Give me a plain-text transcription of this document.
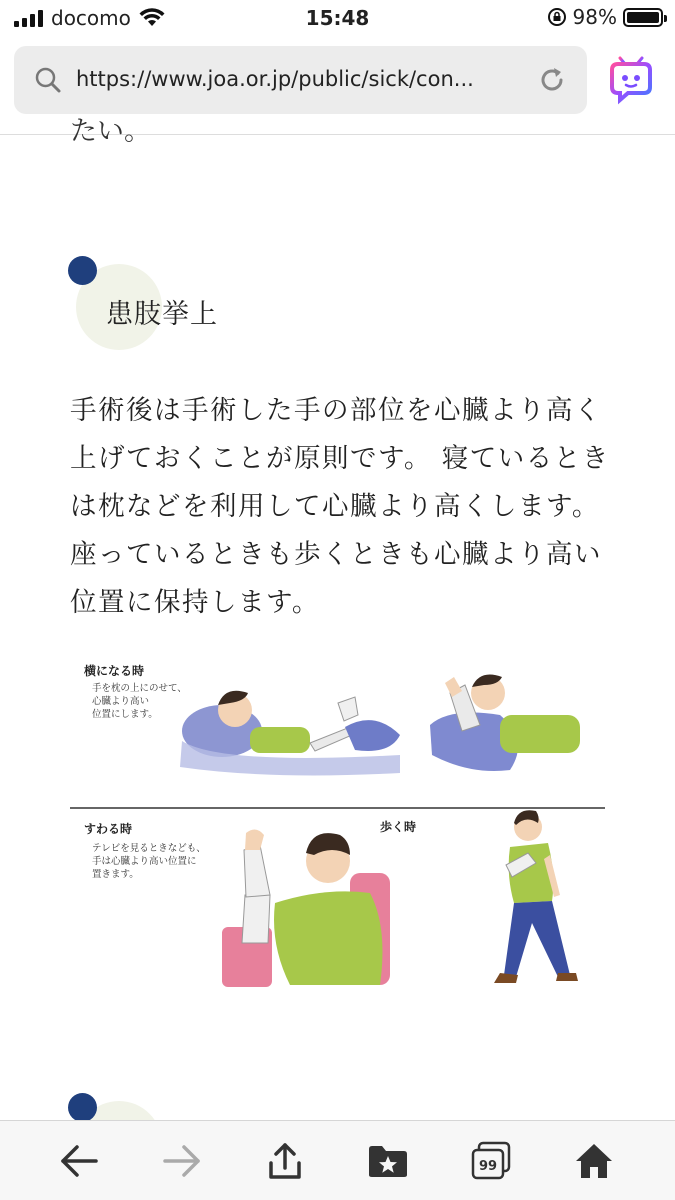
docomo	15:48	98%
https://www.joa.or.jp/public/sick/con...
たい。
患肢挙上

手術後は手術した手の部位を心臓より高く上げておくことが原則です。 寝ているときは枕などを利用して心臓より高くします。座っているときも歩くときも心臓より高い位置に保持します。

横になる時
手を枕の上にのせて、
心臓より高い
位置にします。
すわる時
テレビを見るときなども、
手は心臓より高い位置に
置きます。
歩く時
99
